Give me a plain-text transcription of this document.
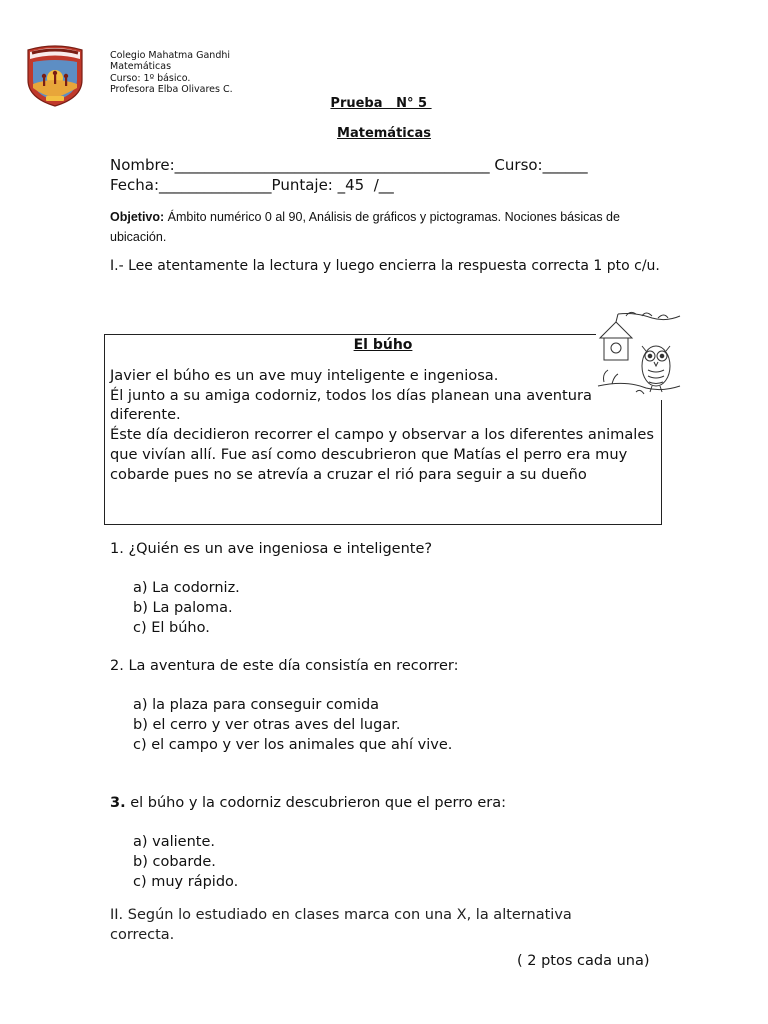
Colegio Mahatma Gandhi
Matemáticas
Curso: 1º básico.
Profesora Elba Olivares C.
Prueba   N° 5
Matemáticas
Nombre:__________________________________________ Curso:______
Fecha:_______________Puntaje: _45  /__
Objetivo: Ámbito numérico 0 al 90, Análisis de gráficos y pictogramas. Nociones básicas de ubicación.
I.- Lee atentamente la lectura y luego encierra la respuesta correcta 1 pto c/u.
El búho
Javier el búho es un ave muy inteligente e ingeniosa.
Él junto a su amiga codorniz, todos los días planean una aventura diferente.
Éste día decidieron recorrer el campo y observar a los diferentes animales que vivían allí. Fue así como descubrieron que Matías el perro era muy cobarde pues no se atrevía a cruzar el rió para seguir a su dueño
1. ¿Quién es un ave ingeniosa e inteligente?
a) La codorniz.
b) La paloma.
c) El búho.
2. La aventura de este día consistía en recorrer:
a) la plaza para conseguir comida
b) el cerro y ver otras aves del lugar.
c) el campo y ver los animales que ahí vive.
3. el búho y la codorniz descubrieron que el perro era:
a) valiente.
b) cobarde.
c) muy rápido.
II. Según lo estudiado en clases marca con una X, la alternativa correcta.
( 2 ptos cada una)
